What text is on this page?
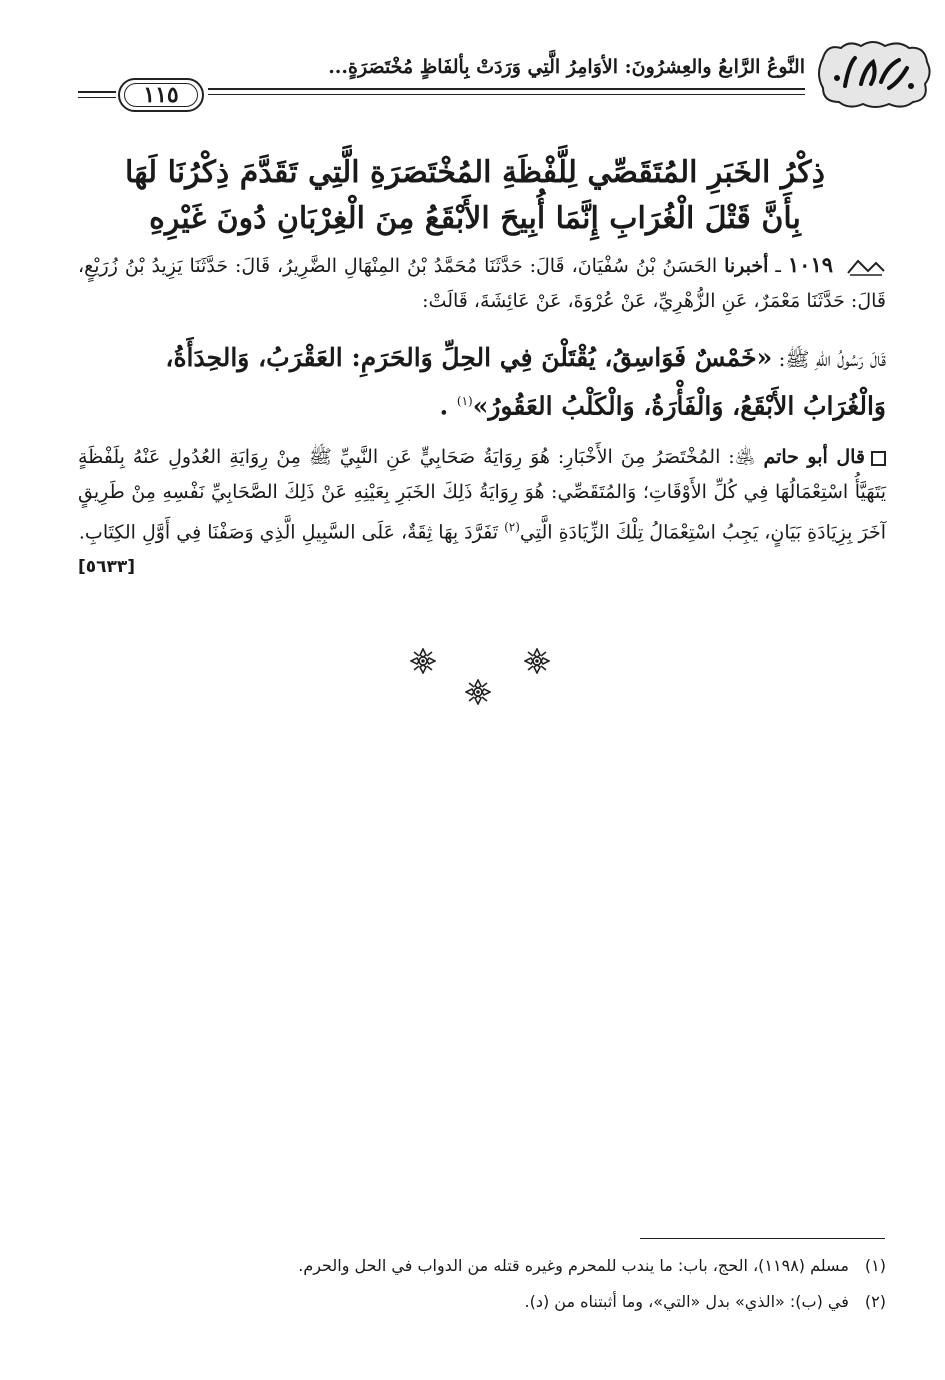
النَّوعُ الرَّابعُ والعِشرُونَ: الأوَامِرُ الَّتِي وَرَدَتْ بِألفَاظٍ مُخْتَصَرَةٍ...
١١٥
ذِكْرُ الخَبَرِ المُتَقَصِّي لِلَّفْظَةِ المُخْتَصَرَةِ الَّتِي تَقَدَّمَ ذِكْرُنَا لَهَا
بِأَنَّ قَتْلَ الْغُرَابِ إِنَّمَا أُبِيحَ الأَبْقَعُ مِنَ الْغِرْبَانِ دُونَ غَيْرِهِ
١٠١٩ ـ أخبرنا الحَسَنُ بْنُ سُفْيَانَ، قَالَ: حَدَّثَنَا مُحَمَّدُ بْنُ المِنْهَالِ الضَّرِيرُ، قَالَ: حَدَّثَنَا يَزِيدُ بْنُ زُرَيْعٍ، قَالَ: حَدَّثَنَا مَعْمَرٌ، عَنِ الزُّهْرِيِّ، عَنْ عُرْوَةَ، عَنْ عَائِشَةَ، قَالَتْ:
قَالَ رَسُولُ اللهِ ﷺ: «خَمْسٌ فَوَاسِقُ، يُقْتَلْنَ فِي الحِلِّ وَالحَرَمِ: العَقْرَبُ، وَالحِدَأَةُ، وَالْغُرَابُ الأَبْقَعُ، وَالْفَأْرَةُ، وَالْكَلْبُ العَقُورُ»$^{(١)}$ .
قال أبو حاتم ﵁: المُخْتَصَرُ مِنَ الأَخْبَارِ: هُوَ رِوَايَةُ صَحَابِيٍّ عَنِ النَّبِيِّ ﷺ مِنْ رِوَايَةِ العُدُولِ عَنْهُ بِلَفْظَةٍ يَتَهَيَّأُ اسْتِعْمَالُهَا فِي كُلِّ الأَوْقَاتِ؛ وَالمُتَقَصِّي: هُوَ رِوَايَةُ ذَلِكَ الخَبَرِ بِعَيْنِهِ عَنْ ذَلِكَ الصَّحَابِيِّ نَفْسِهِ مِنْ طَرِيقٍ آخَرَ بِزِيَادَةِ بَيَانٍ، يَجِبُ اسْتِعْمَالُ تِلْكَ الزِّيَادَةِ الَّتِي$^{(٢)}$ تَفَرَّدَ بِهَا ثِقَةٌ، عَلَى السَّبِيلِ الَّذِي وَصَفْنَا فِي أَوَّلِ الكِتَابِ.
[٥٦٣٣]
(١)مسلم (١١٩٨)، الحج، باب: ما يندب للمحرم وغيره قتله من الدواب في الحل والحرم.
(٢)في (ب): «الذي» بدل «التي»، وما أثبتناه من (د).
